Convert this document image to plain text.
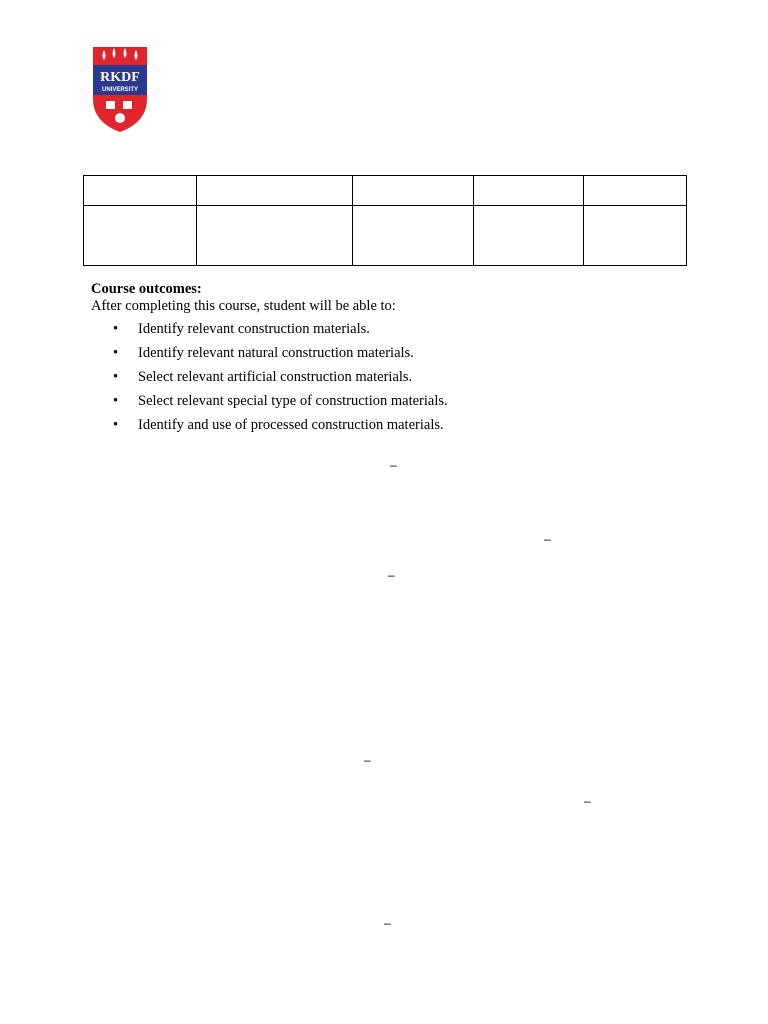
RKDF
UNIVERSITY

Course outcomes:

After completing this course, student will be able to:

• Identify relevant construction materials.
• Identify relevant natural construction materials.
• Select relevant artificial construction materials.
• Select relevant special type of construction materials.
• Identify and use of processed construction materials.
–
–
–
–
–
–
